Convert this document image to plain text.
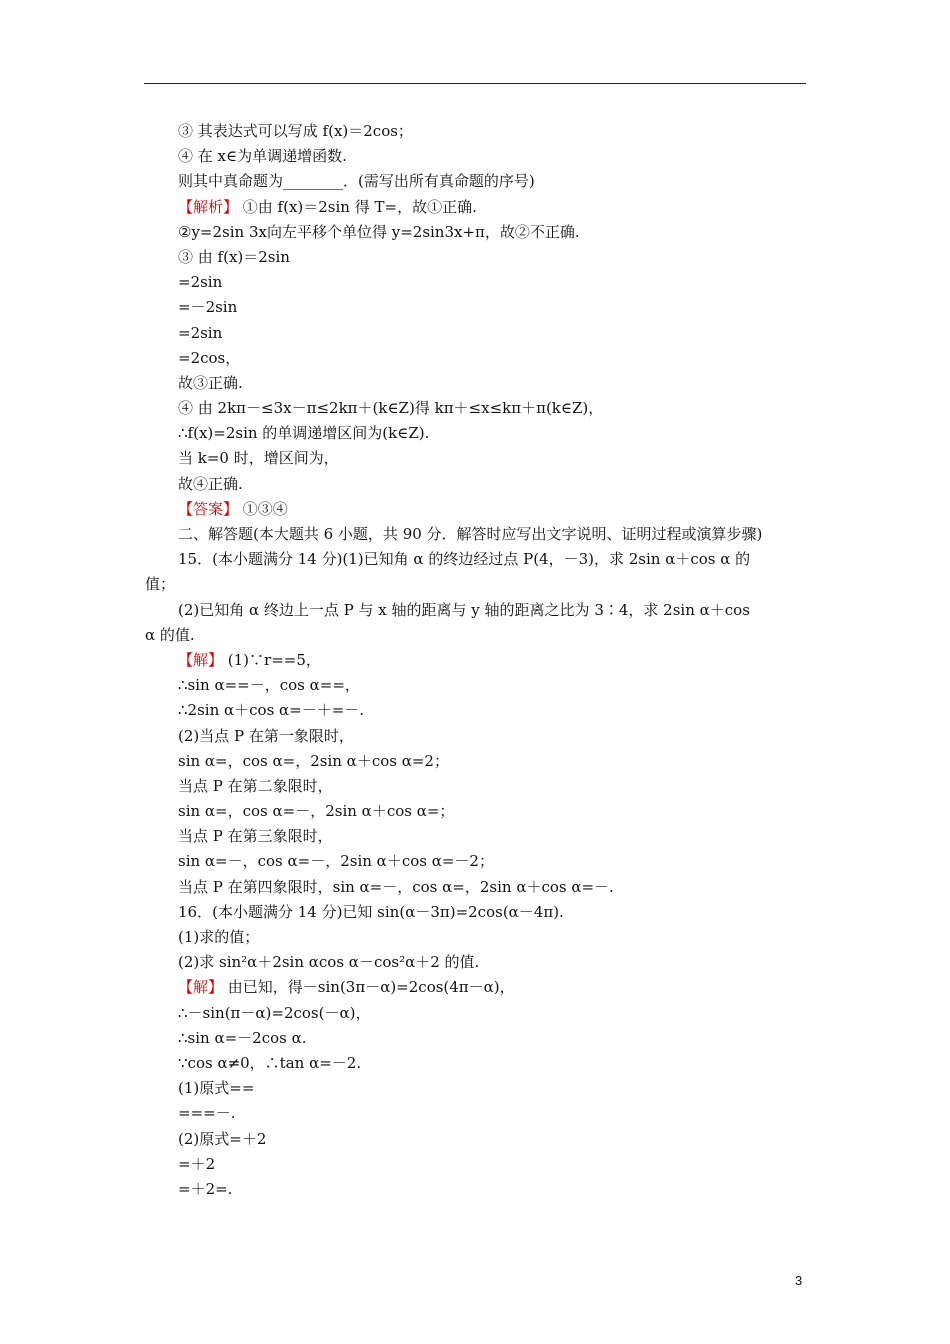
③ 其表达式可以写成 f(x)＝2cos；
④ 在 x∈为单调递增函数.
则其中真命题为________．(需写出所有真命题的序号)
【解析】 ①由 f(x)＝2sin 得 T=，故①正确.
②y=2sin 3x向左平移个单位得 y=2sin3x+π，故②不正确.
③ 由 f(x)＝2sin
=2sin
=－2sin
=2sin
=2cos，
故③正确.
④ 由 2kπ－≤3x－π≤2kπ＋(k∈Z)得 kπ＋≤x≤kπ＋π(k∈Z)，
∴f(x)=2sin 的单调递增区间为(k∈Z).
当 k=0 时，增区间为，
故④正确.
【答案】 ①③④
二、解答题(本大题共 6 小题，共 90 分．解答时应写出文字说明、证明过程或演算步骤)
15．(本小题满分 14 分)(1)已知角 α 的终边经过点 P(4，－3)，求 2sin α＋cos α 的
值；
(2)已知角 α 终边上一点 P 与 x 轴的距离与 y 轴的距离之比为 3∶4，求 2sin α＋cos
α 的值.
【解】 (1)∵r==5，
∴sin α==－，cos α==，
∴2sin α＋cos α=－＋=－.
(2)当点 P 在第一象限时，
sin α=，cos α=，2sin α＋cos α=2；
当点 P 在第二象限时，
sin α=，cos α=－，2sin α＋cos α=；
当点 P 在第三象限时，
sin α=－，cos α=－，2sin α＋cos α=－2；
当点 P 在第四象限时，sin α=－，cos α=，2sin α＋cos α=－.
16．(本小题满分 14 分)已知 sin(α－3π)=2cos(α－4π).
(1)求的值；
(2)求 sin²α＋2sin αcos α－cos²α＋2 的值.
【解】 由已知，得－sin(3π－α)=2cos(4π－α)，
∴－sin(π－α)=2cos(－α)，
∴sin α=－2cos α.
∵cos α≠0，∴tan α=－2.
(1)原式==
===－.
(2)原式=＋2
=＋2
=＋2=.
3
